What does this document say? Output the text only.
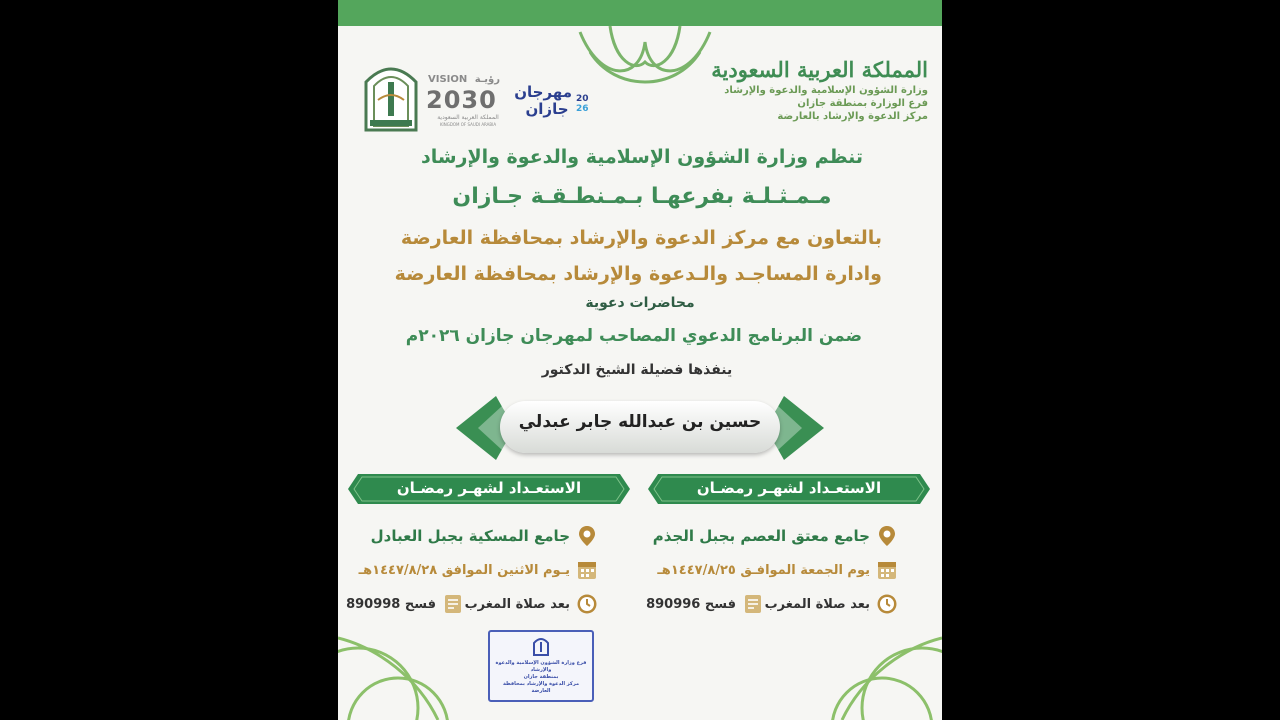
المملكة العربية السعودية
وزارة الشؤون الإسلامية والدعوة والإرشاد
فرع الوزارة بمنطقة جازان
مركز الدعوة والإرشاد بالعارضة
VISION رؤيـة
2030
المملكة العربية السعودية
KINGDOM OF SAUDI ARABIA
مهرجان جازان
20
26
تنظم وزارة الشؤون الإسلامية والدعوة والإرشاد
مـمـثـلـة بفرعهـا بـمـنطـقـة جـازان
بالتعاون مع مركز الدعوة والإرشاد بمحافظة العارضة
وادارة المساجـد والـدعوة والإرشاد بمحافظة العارضة
محاضرات دعوية
ضمن البرنامج الدعوي المصاحب لمهرجان جازان ٢٠٢٦م
ينفذها فضيلة الشيخ الدكتور
حسين بن عبدالله جابر عبدلي
الاستعـداد لشهـر رمضـان
الاستعـداد لشهـر رمضـان
جامع معتق العصم بجبل الجذم
يوم الجمعة الموافـق ١٤٤٧/٨/٢٥هـ
بعد صلاة المغرب
فسح 890996
جامع المسكية بجبل العبادل
يـوم الاثنين الموافق ١٤٤٧/٨/٢٨هـ
بعد صلاة المغرب
فسح 890998
فرع وزارة الشؤون الإسلامية والدعوة والإرشاد
بمنطقة جازان
مركز الدعوة والإرشاد بمحافظة العارضة
